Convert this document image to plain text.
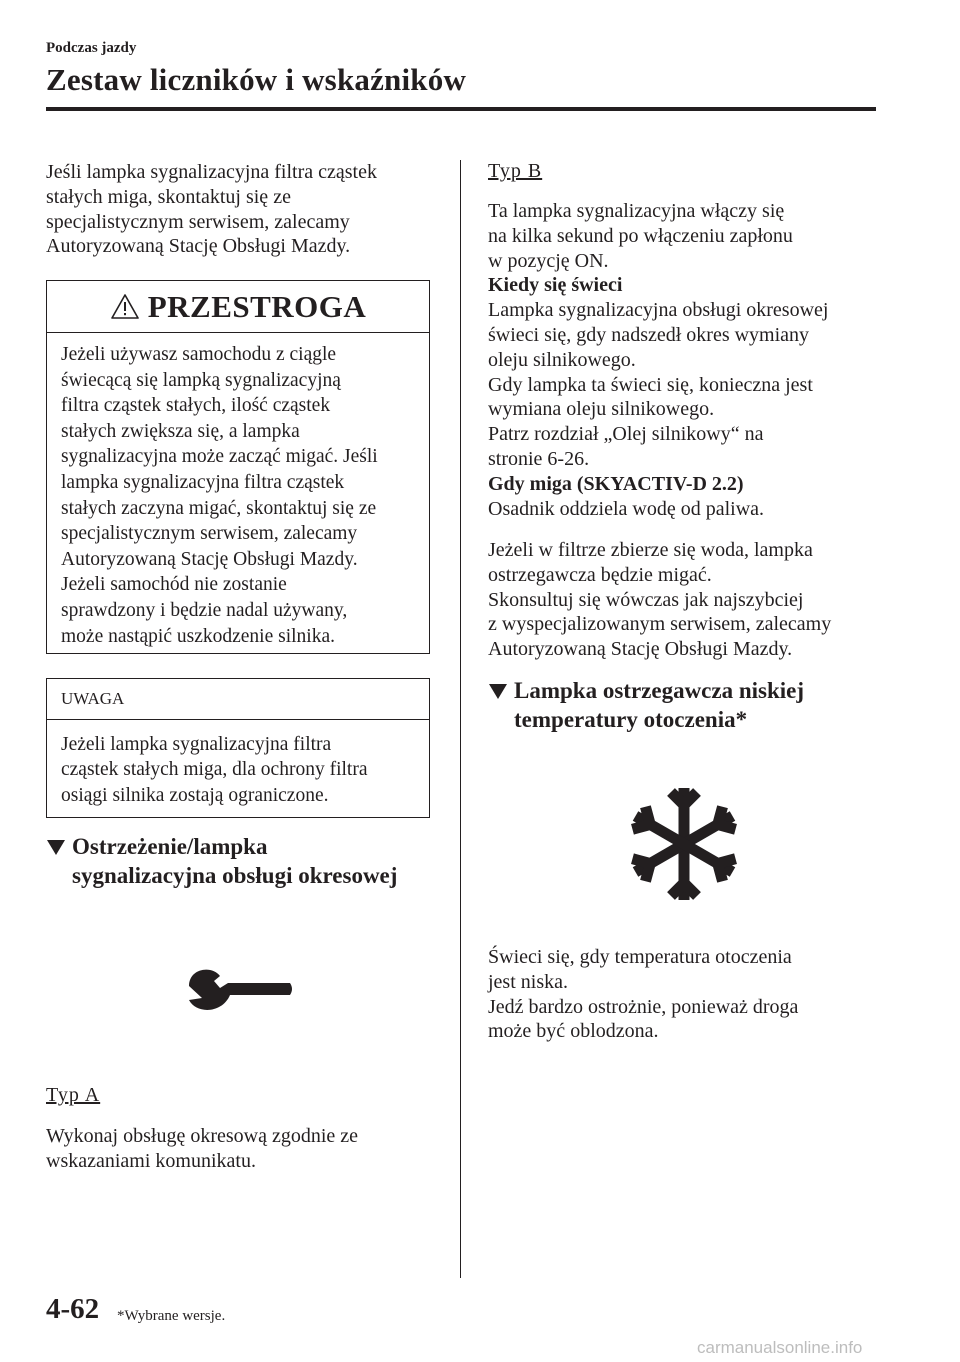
Podczas jazdy
Zestaw liczników i wskaźników
Jeśli lampka sygnalizacyjna filtra cząstek
stałych miga, skontaktuj się ze
specjalistycznym serwisem, zalecamy
Autoryzowaną Stację Obsługi Mazdy.
PRZESTROGA
Jeżeli używasz samochodu z ciągle
świecącą się lampką sygnalizacyjną
filtra cząstek stałych, ilość cząstek
stałych zwiększa się, a lampka
sygnalizacyjna może zacząć migać. Jeśli
lampka sygnalizacyjna filtra cząstek
stałych zaczyna migać, skontaktuj się ze
specjalistycznym serwisem, zalecamy
Autoryzowaną Stację Obsługi Mazdy.
Jeżeli samochód nie zostanie
sprawdzony i będzie nadal używany,
może nastąpić uszkodzenie silnika.
UWAGA
Jeżeli lampka sygnalizacyjna filtra
cząstek stałych miga, dla ochrony filtra
osiągi silnika zostają ograniczone.
Ostrzeżenie/lampka
sygnalizacyjna obsługi okresowej
Typ A
Wykonaj obsługę okresową zgodnie ze
wskazaniami komunikatu.
Typ B
Ta lampka sygnalizacyjna włączy się
na kilka sekund po włączeniu zapłonu
w pozycję ON.
Kiedy się świeci
Lampka sygnalizacyjna obsługi okresowej
świeci się, gdy nadszedł okres wymiany
oleju silnikowego.
Gdy lampka ta świeci się, konieczna jest
wymiana oleju silnikowego.
Patrz rozdział „Olej silnikowy“ na
stronie 6-26.
Gdy miga (SKYACTIV-D 2.2)
Osadnik oddziela wodę od paliwa.
Jeżeli w filtrze zbierze się woda, lampka
ostrzegawcza będzie migać.
Skonsultuj się wówczas jak najszybciej
z wyspecjalizowanym serwisem, zalecamy
Autoryzowaną Stację Obsługi Mazdy.
Lampka ostrzegawcza niskiej
temperatury otoczenia*
Świeci się, gdy temperatura otoczenia
jest niska.
Jedź bardzo ostrożnie, ponieważ droga
może być oblodzona.
4-62 *Wybrane wersje.
carmanualsonline.info
